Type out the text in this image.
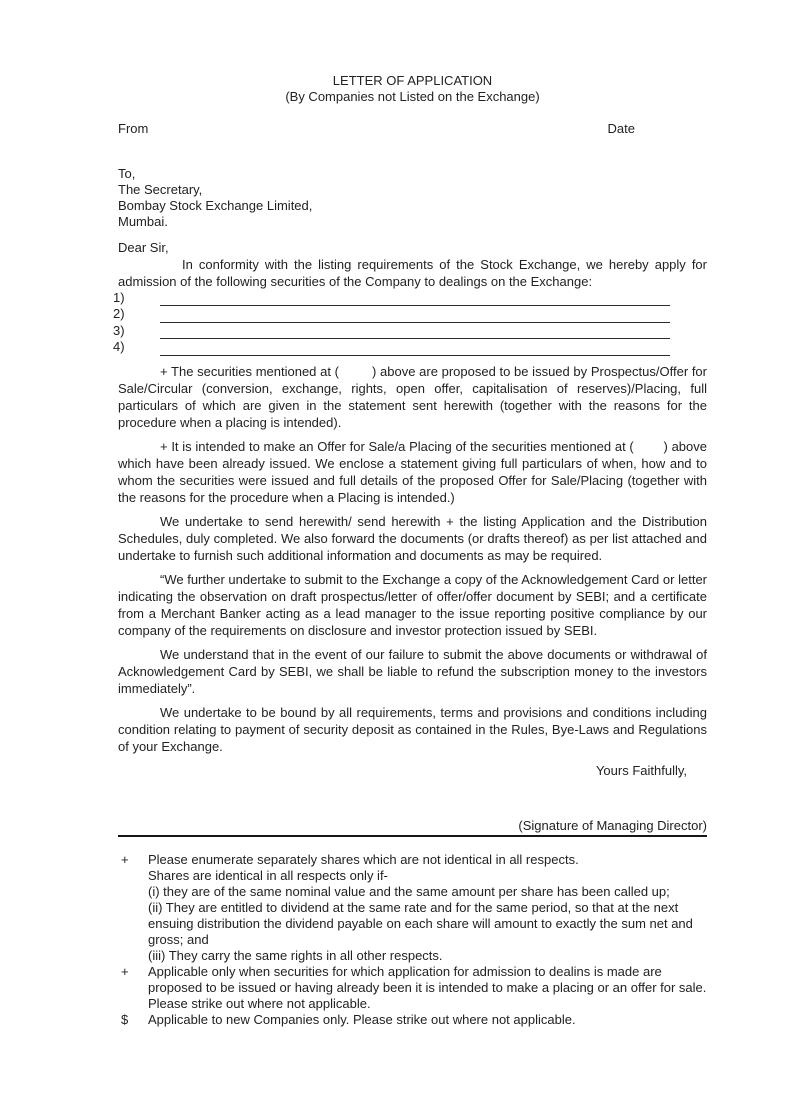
LETTER OF APPLICATION
(By Companies not Listed on the Exchange)
From	Date
To,
The Secretary,
Bombay Stock Exchange Limited,
Mumbai.
Dear Sir,

In conformity with the listing requirements of the Stock Exchange, we hereby apply for admission of the following securities of the Company to dealings on the Exchange:

1)
2)
3)
4)

+ The securities mentioned at (         ) above are proposed to be issued by Prospectus/Offer for Sale/Circular (conversion, exchange, rights, open offer, capitalisation of reserves)/Placing, full particulars of which are given in the statement sent herewith (together with the reasons for the procedure when a placing is intended).

+ It is intended to make an Offer for Sale/a Placing of the securities mentioned at (        ) above which have been already issued. We enclose a statement giving full particulars of when, how and to whom the securities were issued and full details of the proposed Offer for Sale/Placing (together with the reasons for the procedure when a Placing is intended.)

We undertake to send herewith/ send herewith + the listing Application and the Distribution Schedules, duly completed. We also forward the documents (or drafts thereof) as per list attached and undertake to furnish such additional information and documents as may be required.

“We further undertake to submit to the Exchange a copy of the Acknowledgement Card or letter indicating the observation on draft prospectus/letter of offer/offer document by SEBI; and a certificate from a Merchant Banker acting as a lead manager to the issue reporting positive compliance by our company of the requirements on disclosure and investor protection issued by SEBI.

We understand that in the event of our failure to submit the above documents or withdrawal of Acknowledgement Card by SEBI, we shall be liable to refund the subscription money to the investors immediately”.

We undertake to be bound by all requirements, terms and provisions and conditions including condition relating to payment of security deposit as contained in the Rules, Bye-Laws and Regulations of your Exchange.

Yours Faithfully,
(Signature of Managing Director)
+	Please enumerate separately shares which are not identical in all respects.
Shares are identical in all respects only if-
(i) they are of the same nominal value and the same amount per share has been called up;
(ii) They are entitled to dividend at the same rate and for the same period, so that at the next
ensuing distribution the dividend payable on each share will amount to exactly the sum net and
gross; and
(iii) They carry the same rights in all other respects.
+	Applicable only when securities for which application for admission to dealins is made are
proposed to be issued or having already been it is intended to make a placing or an offer for sale.
Please strike out where not applicable.
$	Applicable to new Companies only. Please strike out where not applicable.
